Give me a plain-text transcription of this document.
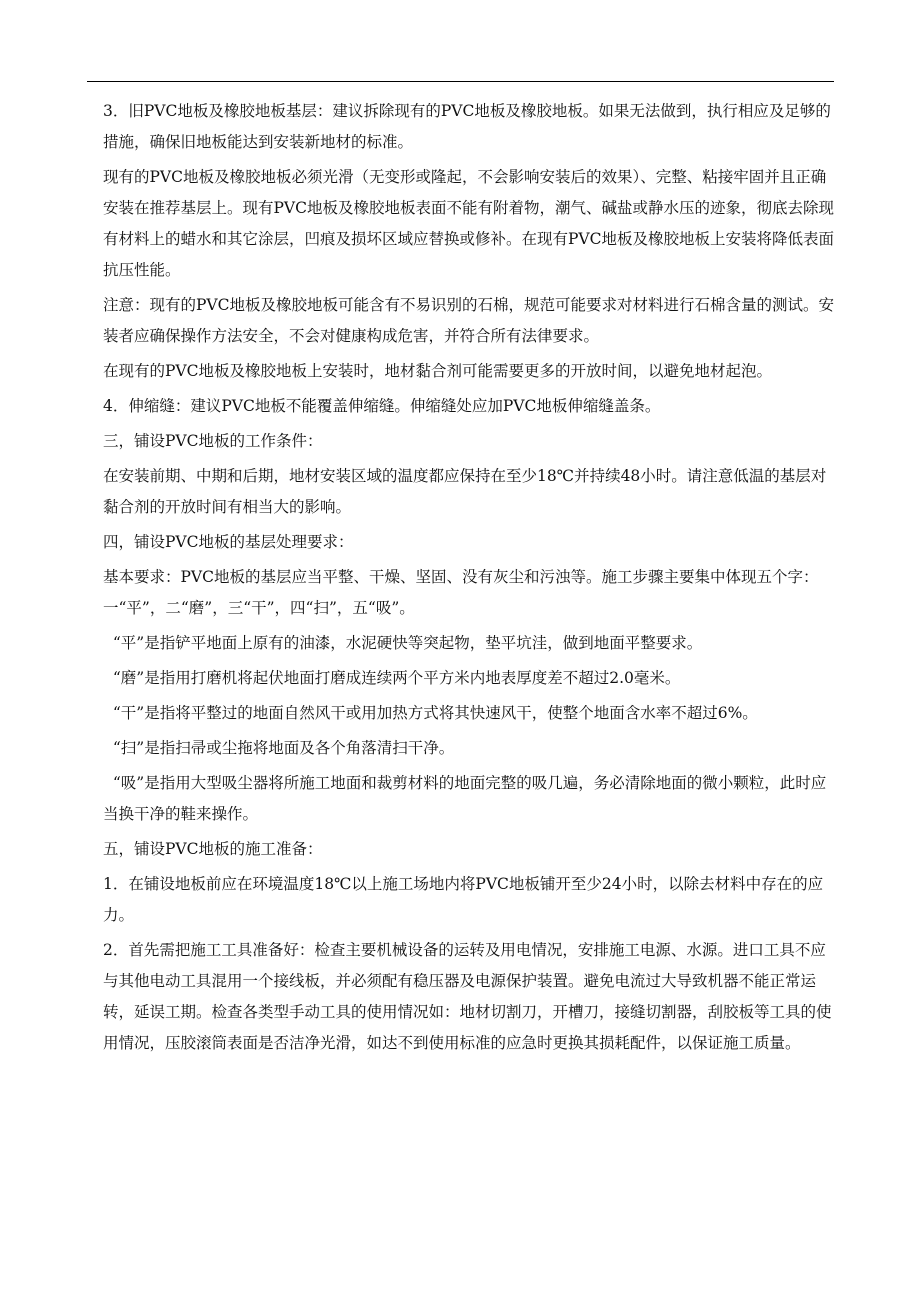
3．旧PVC地板及橡胶地板基层：建议拆除现有的PVC地板及橡胶地板。如果无法做到，执行相应及足够的措施，确保旧地板能达到安装新地材的标准。

现有的PVC地板及橡胶地板必须光滑（无变形或隆起，不会影响安装后的效果）、完整、粘接牢固并且正确安装在推荐基层上。现有PVC地板及橡胶地板表面不能有附着物，潮气、碱盐或静水压的迹象，彻底去除现有材料上的蜡水和其它涂层，凹痕及损坏区域应替换或修补。在现有PVC地板及橡胶地板上安装将降低表面抗压性能。

注意：现有的PVC地板及橡胶地板可能含有不易识别的石棉，规范可能要求对材料进行石棉含量的测试。安装者应确保操作方法安全，不会对健康构成危害，并符合所有法律要求。

在现有的PVC地板及橡胶地板上安装时，地材黏合剂可能需要更多的开放时间，以避免地材起泡。

4．伸缩缝：建议PVC地板不能覆盖伸缩缝。伸缩缝处应加PVC地板伸缩缝盖条。

三，铺设PVC地板的工作条件：

在安装前期、中期和后期，地材安装区域的温度都应保持在至少18℃并持续48小时。请注意低温的基层对黏合剂的开放时间有相当大的影响。

四，铺设PVC地板的基层处理要求：

基本要求：PVC地板的基层应当平整、干燥、坚固、没有灰尘和污浊等。施工步骤主要集中体现五个字：一“平”，二“磨”，三“干”，四“扫”，五“吸”。

“平”是指铲平地面上原有的油漆，水泥硬快等突起物，垫平坑洼，做到地面平整要求。

“磨”是指用打磨机将起伏地面打磨成连续两个平方米内地表厚度差不超过2.0毫米。

“干”是指将平整过的地面自然风干或用加热方式将其快速风干，使整个地面含水率不超过6%。

“扫”是指扫帚或尘拖将地面及各个角落清扫干净。

“吸”是指用大型吸尘器将所施工地面和裁剪材料的地面完整的吸几遍，务必清除地面的微小颗粒，此时应当换干净的鞋来操作。

五，铺设PVC地板的施工准备：

1．在铺设地板前应在环境温度18℃以上施工场地内将PVC地板铺开至少24小时，以除去材料中存在的应力。

2．首先需把施工工具准备好：检查主要机械设备的运转及用电情况，安排施工电源、水源。进口工具不应与其他电动工具混用一个接线板，并必须配有稳压器及电源保护装置。避免电流过大导致机器不能正常运转，延误工期。检查各类型手动工具的使用情况如：地材切割刀，开槽刀，接缝切割器，刮胶板等工具的使用情况，压胶滚筒表面是否洁净光滑，如达不到使用标准的应急时更换其损耗配件，以保证施工质量。
